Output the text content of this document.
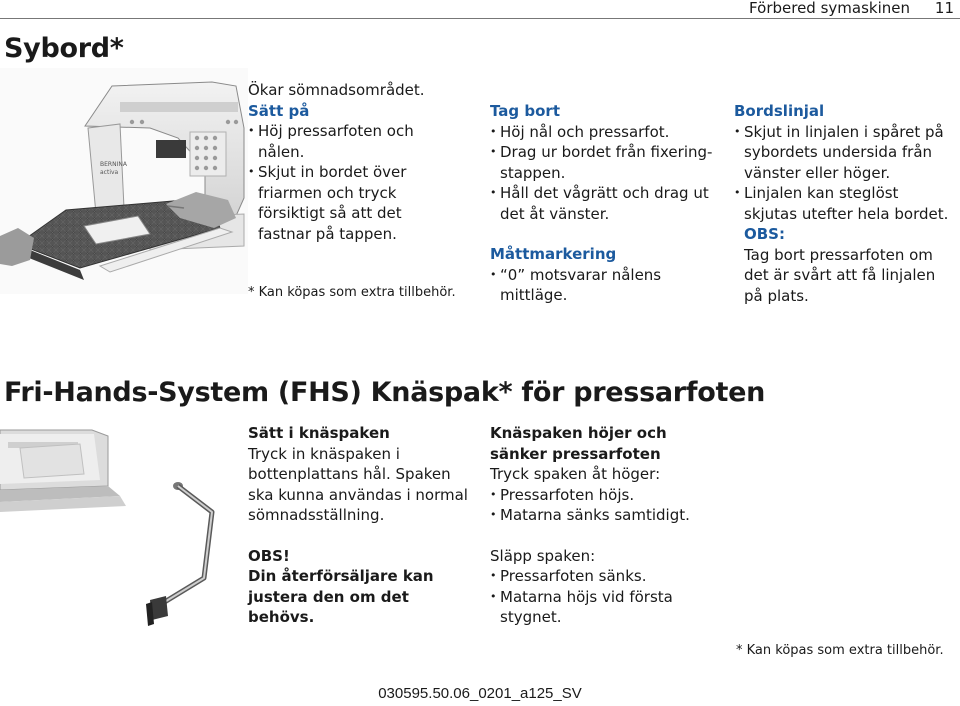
Förbered symaskinen 11
Sybord*
BERNINA
activa

Ökar sömnadsområdet.

Sätt på

• Höj pressarfoten och nålen.
• Skjut in bordet över friarmen och tryck försiktigt så att det fastnar på tappen.
* Kan köpas som extra tillbehör.

Tag bort

• Höj nål och pressarfot.
• Drag ur bordet från fixering-stappen.
• Håll det vågrätt och drag ut det åt vänster.

Måttmarkering

• “0” motsvarar nålens mittläge.

Bordslinjal

• Skjut in linjalen i spåret på sybordets undersida från vänster eller höger.
• Linjalen kan steglöst skjutas utefter hela bordet.

OBS:

Tag bort pressarfoten om det är svårt att få linjalen på plats.

Fri-Hands-System (FHS) Knäspak* för pressarfoten

Sätt i knäspaken

Tryck in knäspaken i bottenplattans hål. Spaken ska kunna användas i normal sömnadsställning.

OBS!

Din återförsäljare kan justera den om det behövs.

Knäspaken höjer och sänker pressarfoten

Tryck spaken åt höger:

• Pressarfoten höjs.
• Matarna sänks samtidigt.

Släpp spaken:

• Pressarfoten sänks.
• Matarna höjs vid första stygnet.
* Kan köpas som extra tillbehör.
030595.50.06_0201_a125_SV
